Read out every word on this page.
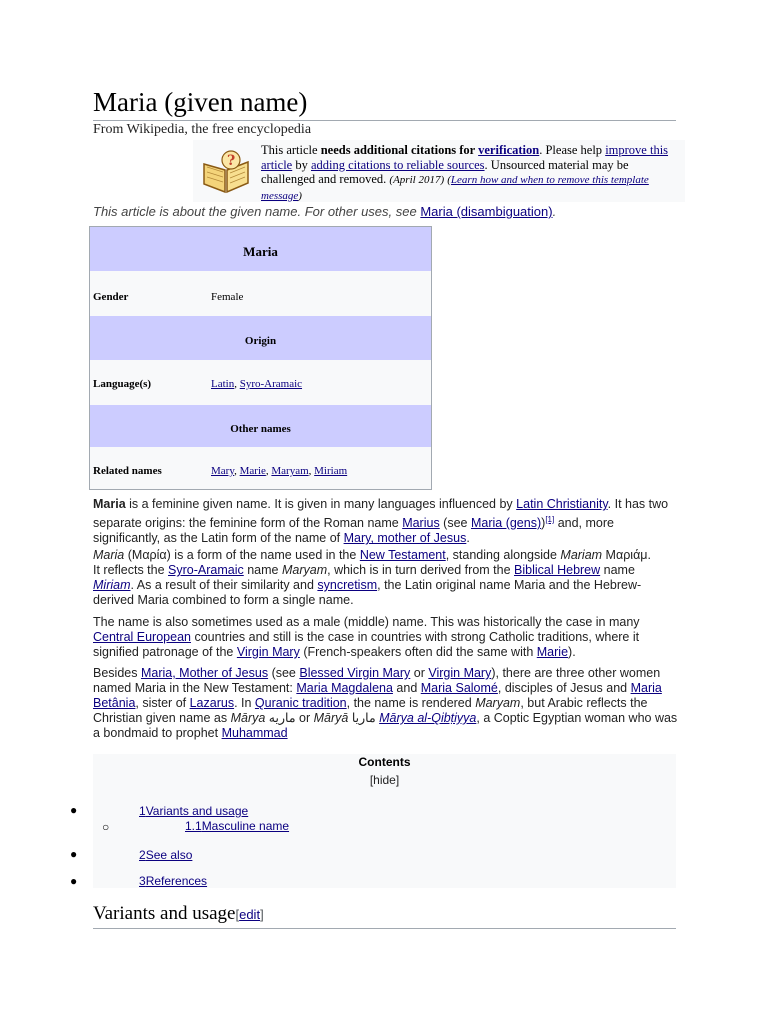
Maria (given name)
From Wikipedia, the free encyclopedia
?
This article needs additional citations for verification. Please help improve this article by adding citations to reliable sources. Unsourced material may be challenged and removed. (April 2017) (Learn how and when to remove this template message)
This article is about the given name. For other uses, see Maria (disambiguation).
Maria
Gender	Female
Origin
Language(s)	Latin, Syro-Aramaic
Other names
Related names	Mary, Marie, Maryam, Miriam

Maria is a feminine given name. It is given in many languages influenced by Latin Christianity. It has two separate origins: the feminine form of the Roman name Marius (see Maria (gens))[1] and, more significantly, as the Latin form of the name of Mary, mother of Jesus.

Maria (Μαρία) is a form of the name used in the New Testament, standing alongside Mariam Μαριάμ. It reflects the Syro-Aramaic name Maryam, which is in turn derived from the Biblical Hebrew name Miriam. As a result of their similarity and syncretism, the Latin original name Maria and the Hebrew-derived Maria combined to form a single name.

The name is also sometimes used as a male (middle) name. This was historically the case in many Central European countries and still is the case in countries with strong Catholic traditions, where it signified patronage of the Virgin Mary (French-speakers often did the same with Marie).

Besides Maria, Mother of Jesus (see Blessed Virgin Mary or Virgin Mary), there are three other women named Maria in the New Testament: Maria Magdalena and Maria Salomé, disciples of Jesus and Maria Betânia, sister of Lazarus. In Quranic tradition, the name is rendered Maryam, but Arabic reflects the Christian given name as Mārya ماريه or Māryā ماريا Mārya al-Qibṭiyya, a Coptic Egyptian woman who was a bondmaid to prophet Muhammad

Contents
[hide]
●	1Variants and usage
○	1.1Masculine name
●	2See also
●	3References
Variants and usage[edit]
